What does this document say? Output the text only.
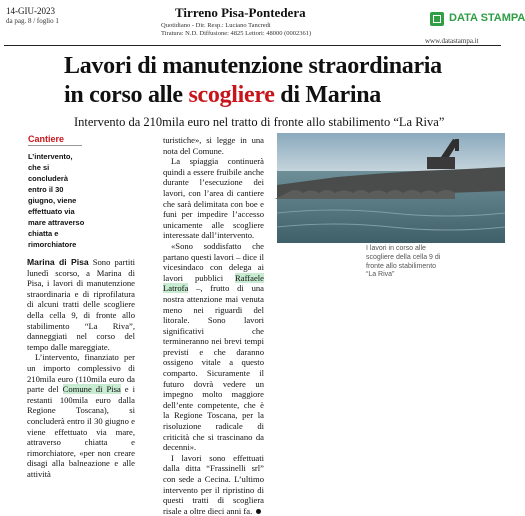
14-GIU-2023
da pag. 8 / foglio 1
Tirreno Pisa-Pontedera
Quotidiano - Dir. Resp.: Luciano Tancredi
Tiratura: N.D. Diffusione: 4825 Lettori: 48000 (0002361)
DATA STAMPA
www.datastampa.it
Lavori di manutenzione straordinaria
in corso alle scogliere di Marina
Intervento da 210mila euro nel tratto di fronte allo stabilimento “La Riva”
Cantiere
L’intervento, che si concluderà entro il 30 giugno, viene effettuato via mare attraverso chiatta e rimorchiatore

Marina di Pisa Sono partiti lunedì scorso, a Marina di Pisa, i lavori di manutenzione straordinaria e di riprofilatura di alcuni tratti delle scogliere della cella 9, di fronte allo stabilimento “La Riva”, danneggiati nel corso del tempo dalle mareggiate.

L’intervento, finanziato per un importo complessivo di 210mila euro (110mila euro da parte del Comune di Pisa e i restanti 100mila euro dalla Regione Toscana), si concluderà entro il 30 giugno e viene effettuato via mare, attraverso chiatta e rimorchiatore, «per non creare disagi alla balneazione e alle attività

turistiche», si legge in una nota del Comune.

La spiaggia continuerà quindi a essere fruibile anche durante l’esecuzione dei lavori, con l’area di cantiere che sarà delimitata con boe e funi per impedire l’accesso unicamente alle scogliere interessate dall’intervento.

«Sono soddisfatto che partano questi lavori – dice il vicesindaco con delega ai lavori pubblici Raffaele Latrofa –, frutto di una nostra attenzione mai venuta meno nei riguardi del litorale. Sono lavori significativi che termineranno nei brevi tempi previsti e che daranno ossigeno vitale a questo comparto. Sicuramente il futuro dovrà vedere un impegno molto maggiore dell’ente competente, che è la Regione Toscana, per la risoluzione radicale di criticità che si trascinano da decenni».

I lavori sono effettuati dalla ditta “Frassinelli srl” con sede a Cecina. L’ultimo intervento per il ripristino di questi tratti di scogliera risale a oltre dieci anni fa.

I lavori in corso alle scogliere della cella 9 di fronte allo stabilimento “La Riva”
